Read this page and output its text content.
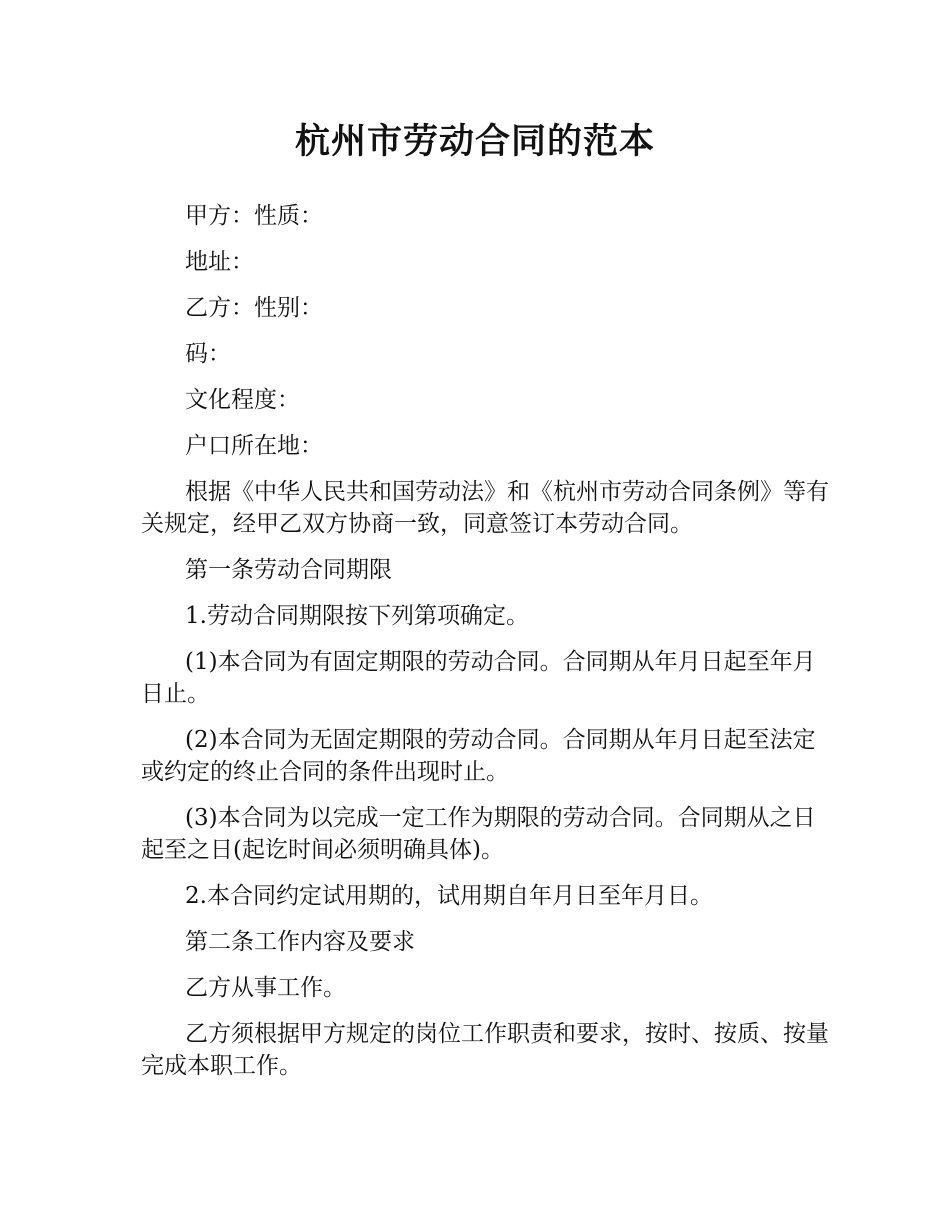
杭州市劳动合同的范本

甲方：性质：

地址：

乙方：性别：

码：

文化程度：

户口所在地：

根据《中华人民共和国劳动法》和《杭州市劳动合同条例》等有关规定，经甲乙双方协商一致，同意签订本劳动合同。

第一条劳动合同期限

1.劳动合同期限按下列第项确定。

(1)本合同为有固定期限的劳动合同。合同期从年月日起至年月日止。

(2)本合同为无固定期限的劳动合同。合同期从年月日起至法定或约定的终止合同的条件出现时止。

(3)本合同为以完成一定工作为期限的劳动合同。合同期从之日起至之日(起讫时间必须明确具体)。

2.本合同约定试用期的，试用期自年月日至年月日。

第二条工作内容及要求

乙方从事工作。

乙方须根据甲方规定的岗位工作职责和要求，按时、按质、按量完成本职工作。
